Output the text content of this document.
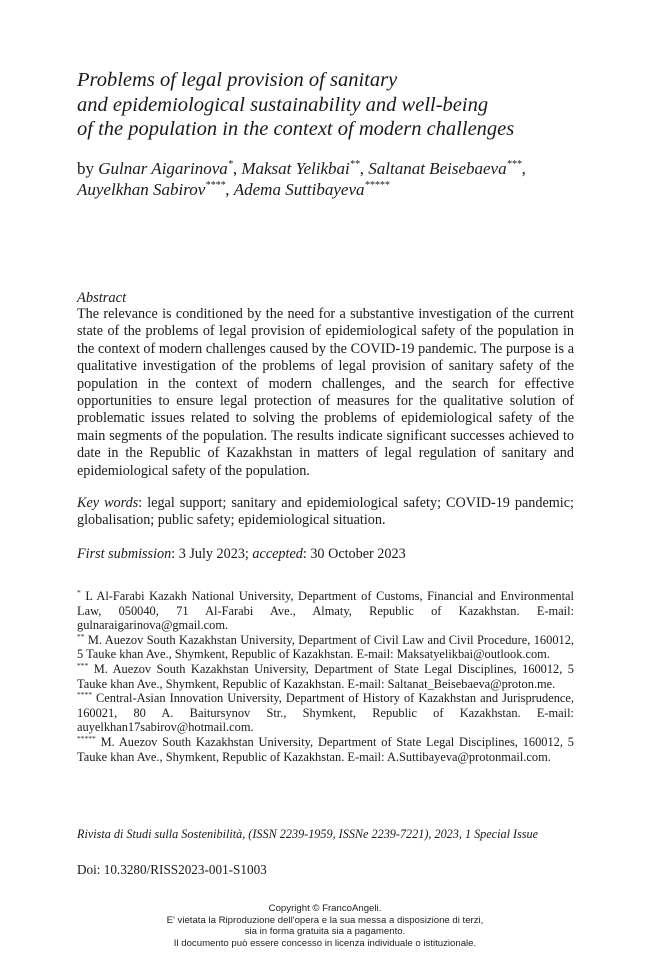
Problems of legal provision of sanitary
and epidemiological sustainability and well-being
of the population in the context of modern challenges
by Gulnar Aigarinova*, Maksat Yelikbai**, Saltanat Beisebaeva***,
Auyelkhan Sabirov****, Adema Suttibayeva*****
Abstract

The relevance is conditioned by the need for a substantive investigation of the current state of the problems of legal provision of epidemiological safety of the population in the context of modern challenges caused by the COVID-19 pandemic. The purpose is a qualitative investigation of the problems of legal provision of sanitary safety of the population in the context of modern challenges, and the search for effective opportunities to ensure legal protection of measures for the qualitative solution of problematic issues related to solving the problems of epidemiological safety of the main segments of the population. The results indicate significant successes achieved to date in the Republic of Kazakhstan in matters of legal regulation of sanitary and epidemiological safety of the population.

Key words: legal support; sanitary and epidemiological safety; COVID-19 pandemic; globalisation; public safety; epidemiological situation.

First submission: 3 July 2023; accepted: 30 October 2023

* L Al-Farabi Kazakh National University, Department of Customs, Financial and Environmental Law, 050040, 71 Al-Farabi Ave., Almaty, Republic of Kazakhstan. E-mail: gulnaraigarinova@gmail.com.

** M. Auezov South Kazakhstan University, Department of Civil Law and Civil Procedure, 160012, 5 Tauke khan Ave., Shymkent, Republic of Kazakhstan. E-mail: Maksatyelikbai@outlook.com.

*** M. Auezov South Kazakhstan University, Department of State Legal Disciplines, 160012, 5 Tauke khan Ave., Shymkent, Republic of Kazakhstan. E-mail: Saltanat_Beisebaeva@proton.me.

**** Central-Asian Innovation University, Department of History of Kazakhstan and Jurisprudence, 160021, 80 A. Baitursynov Str., Shymkent, Republic of Kazakhstan. E-mail: auyelkhan17sabirov@hotmail.com.

***** M. Auezov South Kazakhstan University, Department of State Legal Disciplines, 160012, 5 Tauke khan Ave., Shymkent, Republic of Kazakhstan. E-mail: A.Suttibayeva@protonmail.com.

Rivista di Studi sulla Sostenibilità, (ISSN 2239-1959, ISSNe 2239-7221), 2023, 1 Special Issue
Doi: 10.3280/RISS2023-001-S1003
Copyright © FrancoAngeli.
E' vietata la Riproduzione dell'opera e la sua messa a disposizione di terzi,
sia in forma gratuita sia a pagamento.
Il documento può essere concesso in licenza individuale o istituzionale.
